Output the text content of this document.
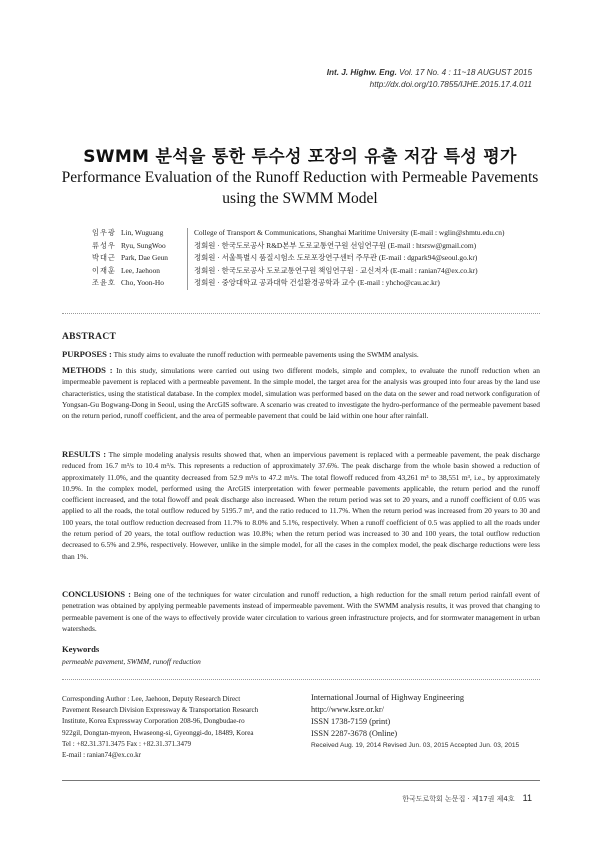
Int. J. Highw. Eng. Vol. 17 No. 4 : 11~18 AUGUST 2015
http://dx.doi.org/10.7855/IJHE.2015.17.4.011
SWMM 분석을 통한 투수성 포장의 유출 저감 특성 평가
Performance Evaluation of the Runoff Reduction with Permeable Pavements using the SWMM Model
임우광 Lin, Wuguang	College of Transport & Communications, Shanghai Maritime University (E-mail : wglin@shmtu.edu.cn)
류성우 Ryu, SungWoo	정회원 · 한국도로공사 R&D본부 도로교통연구원 선임연구원 (E-mail : htsrsw@gmail.com)
박대근 Park, Dae Geun	정회원 · 서울특별시 품질시험소 도로포장연구센터 주무관 (E-mail : dgpark94@seoul.go.kr)
이재훈 Lee, Jaehoon	정회원 · 한국도로공사 도로교통연구원 책임연구원 · 교신저자 (E-mail : ranian74@ex.co.kr)
조윤호 Cho, Yoon-Ho	정회원 · 중앙대학교 공과대학 건설환경공학과 교수 (E-mail : yhcho@cau.ac.kr)
ABSTRACT
PURPOSES : This study aims to evaluate the runoff reduction with permeable pavements using the SWMM analysis.
METHODS : In this study, simulations were carried out using two different models, simple and complex, to evaluate the runoff reduction when an impermeable pavement is replaced with a permeable pavement. In the simple model, the target area for the analysis was grouped into four areas by the land use characteristics, using the statistical database. In the complex model, simulation was performed based on the data on the sewer and road network configuration of Yongsan-Gu Bogwang-Dong in Seoul, using the ArcGIS software. A scenario was created to investigate the hydro-performance of the permeable pavement based on the return period, runoff coefficient, and the area of permeable pavement that could be laid within one hour after rainfall.
RESULTS : The simple modeling analysis results showed that, when an impervious pavement is replaced with a permeable pavement, the peak discharge reduced from 16.7 m³/s to 10.4 m³/s. This represents a reduction of approximately 37.6%. The peak discharge from the whole basin showed a reduction of approximately 11.0%, and the quantity decreased from 52.9 m³/s to 47.2 m³/s. The total flowoff reduced from 43,261 m³ to 38,551 m³, i.e., by approximately 10.9%. In the complex model, performed using the ArcGIS interpretation with fewer permeable pavements applicable, the return period and the runoff coefficient increased, and the total flowoff and peak discharge also increased. When the return period was set to 20 years, and a runoff coefficient of 0.05 was applied to all the roads, the total outflow reduced by 5195.7 m³, and the ratio reduced to 11.7%. When the return period was increased from 20 years to 30 and 100 years, the total outflow reduction decreased from 11.7% to 8.0% and 5.1%, respectively. When a runoff coefficient of 0.5 was applied to all the roads under the return period of 20 years, the total outflow reduction was 10.8%; when the return period was increased to 30 and 100 years, the total outflow reduction decreased to 6.5% and 2.9%, respectively. However, unlike in the simple model, for all the cases in the complex model, the peak discharge reductions were less than 1%.
CONCLUSIONS : Being one of the techniques for water circulation and runoff reduction, a high reduction for the small return period rainfall event of penetration was obtained by applying permeable pavements instead of impermeable pavement. With the SWMM analysis results, it was proved that changing to permeable pavement is one of the ways to effectively provide water circulation to various green infrastructure projects, and for stormwater management in urban watersheds.
Keywords
permeable pavement, SWMM, runoff reduction
Corresponding Author : Lee, Jaehoon, Deputy Research Direct
Pavement Research Division Expressway & Transportation Research
Institute, Korea Expressway Corporation 208-96, Dongbudae-ro
922gil, Dongtan-myeon, Hwaseong-si, Gyeonggi-do, 18489, Korea
Tel : +82.31.371.3475 Fax : +82.31.371.3479
E-mail : ranian74@ex.co.kr
International Journal of Highway Engineering
http://www.ksre.or.kr/
ISSN 1738-7159 (print)
ISSN 2287-3678 (Online)
Received Aug. 19, 2014 Revised Jun. 03, 2015 Accepted Jun. 03, 2015
한국도로학회 논문집 · 제17권 제4호 11
